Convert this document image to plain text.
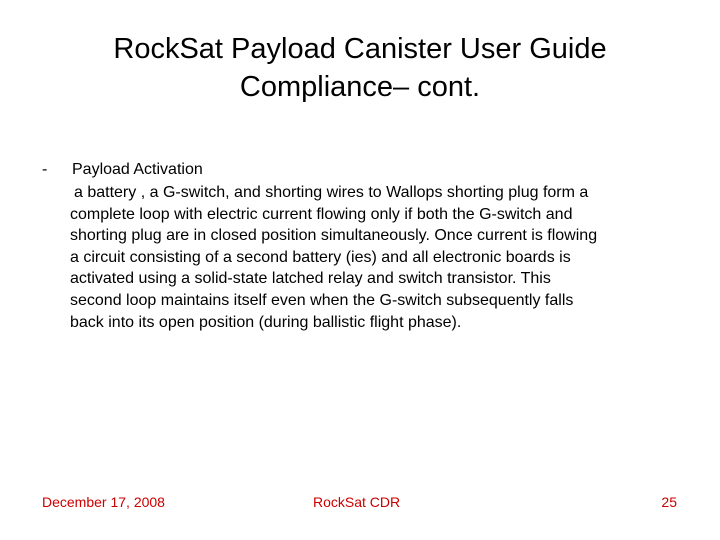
RockSat Payload Canister User Guide
Compliance– cont.
- Payload Activation
a battery , a G-switch, and shorting wires to Wallops shorting plug form a
complete loop with electric current flowing only if both the G-switch and
shorting plug are in closed position simultaneously. Once current is flowing
a circuit consisting of a second battery (ies) and all electronic boards is
activated using a solid-state latched relay and switch transistor. This
second loop maintains itself even when the G-switch subsequently falls
back into its open position (during ballistic flight phase).
December 17, 2008	RockSat CDR	25
